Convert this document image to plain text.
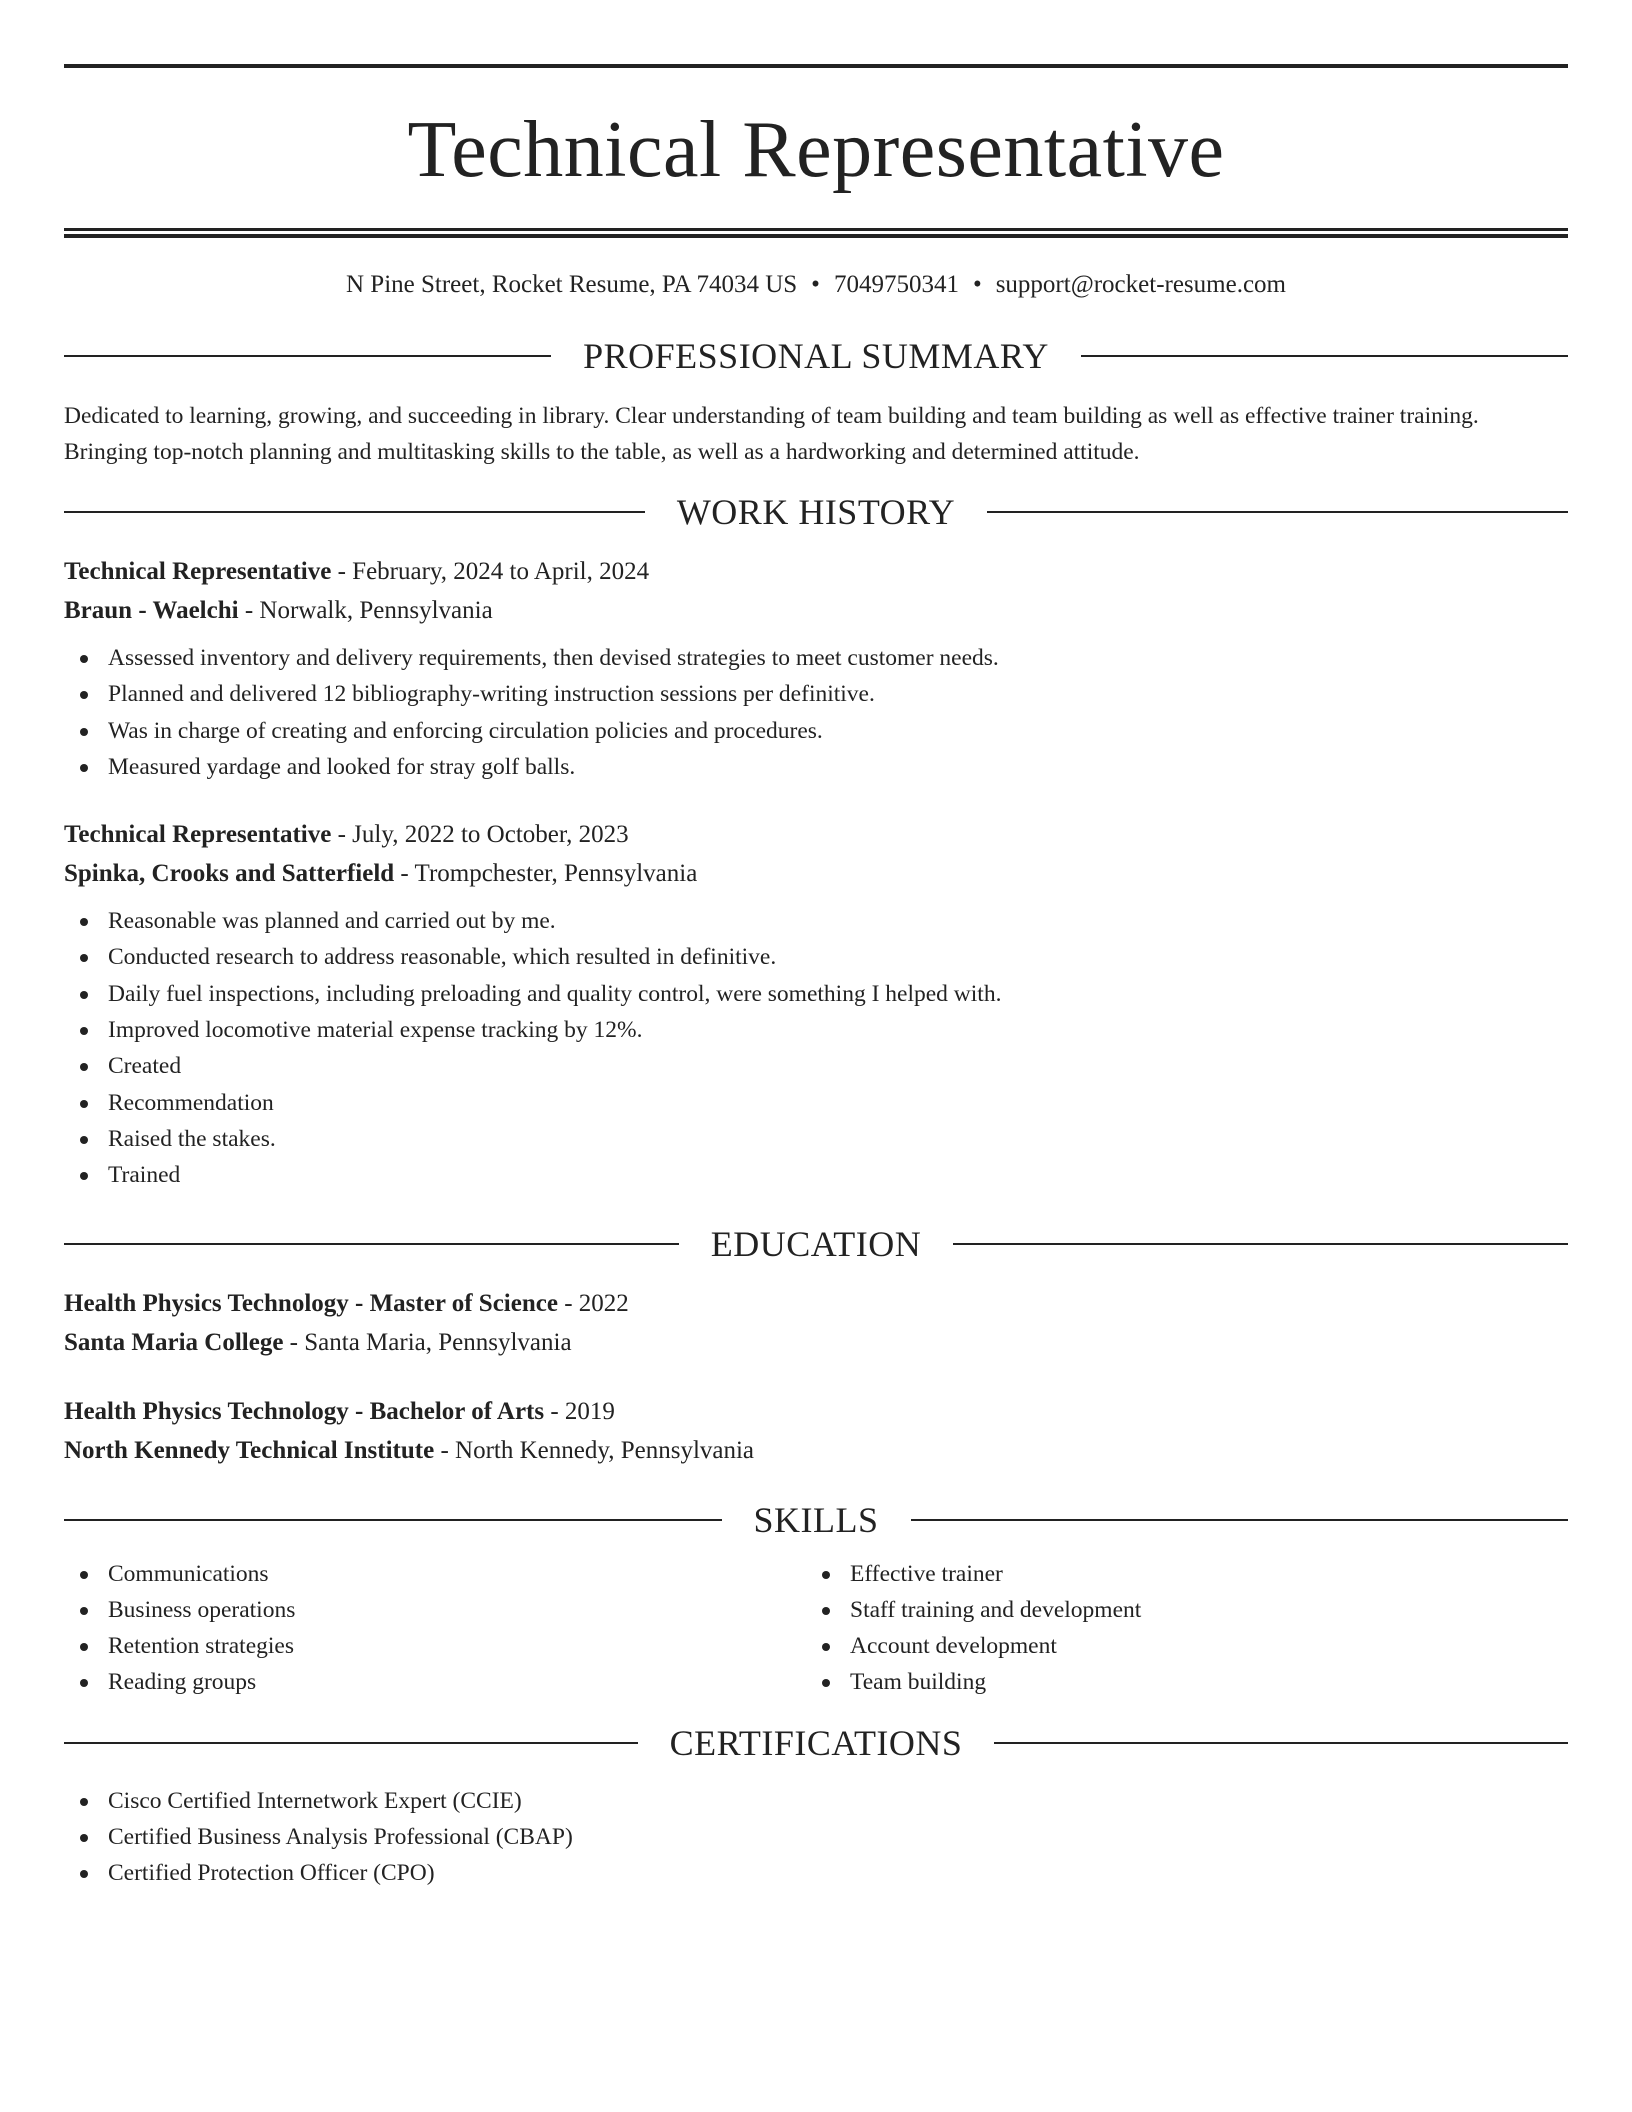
Technical Representative
N Pine Street, Rocket Resume, PA 74034 US • 7049750341 • support@rocket-resume.com
PROFESSIONAL SUMMARY
Dedicated to learning, growing, and succeeding in library. Clear understanding of team building and team building as well as effective trainer training. Bringing top-notch planning and multitasking skills to the table, as well as a hardworking and determined attitude.
WORK HISTORY
Technical Representative - February, 2024 to April, 2024
Braun - Waelchi - Norwalk, Pennsylvania
Assessed inventory and delivery requirements, then devised strategies to meet customer needs.
Planned and delivered 12 bibliography-writing instruction sessions per definitive.
Was in charge of creating and enforcing circulation policies and procedures.
Measured yardage and looked for stray golf balls.
Technical Representative - July, 2022 to October, 2023
Spinka, Crooks and Satterfield - Trompchester, Pennsylvania
Reasonable was planned and carried out by me.
Conducted research to address reasonable, which resulted in definitive.
Daily fuel inspections, including preloading and quality control, were something I helped with.
Improved locomotive material expense tracking by 12%.
Created
Recommendation
Raised the stakes.
Trained
EDUCATION
Health Physics Technology - Master of Science - 2022
Santa Maria College - Santa Maria, Pennsylvania
Health Physics Technology - Bachelor of Arts - 2019
North Kennedy Technical Institute - North Kennedy, Pennsylvania
SKILLS
Communications
Business operations
Retention strategies
Reading groups
Effective trainer
Staff training and development
Account development
Team building
CERTIFICATIONS
Cisco Certified Internetwork Expert (CCIE)
Certified Business Analysis Professional (CBAP)
Certified Protection Officer (CPO)
